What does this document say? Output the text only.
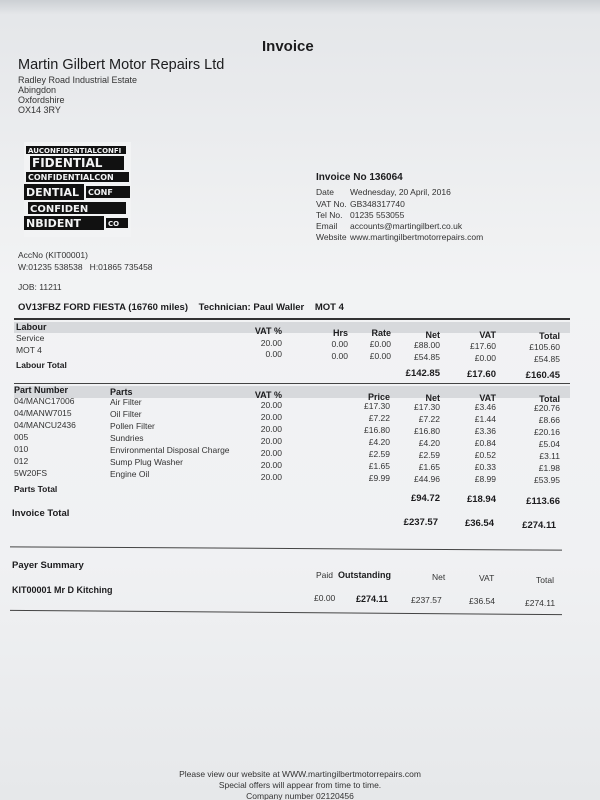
Invoice
Martin Gilbert Motor Repairs Ltd
Radley Road Industrial Estate
Abingdon
Oxfordshire
OX14 3RY
AUCONFIDENTIALCONFI
FIDENTIAL
CONFIDENTIALCON
DENTIAL CONF
CONFIDEN
NBIDENT	CO
Invoice No 136064
Date Wednesday, 20 April, 2016
VAT No. GB348317740
Tel No. 01235 553055
Email accounts@martingilbert.co.uk
Website www.martingilbertmotorrepairs.com
AccNo (KIT00001)
W:01235 538538   H:01865 735458
JOB: 11211
OV13FBZ FORD FIESTA (16760 miles) Technician: Paul Waller MOT 4
Labour	VAT %	Hrs	Rate	Net	VAT	Total
Service	20.00	0.00	£0.00	£88.00	£17.60	£105.60
MOT 4	0.00	0.00	£0.00	£54.85	£0.00	£54.85
Labour Total
£142.85	£17.60	£160.45
Part Number	Parts	VAT %	Price	Net	VAT	Total
04/MANC17006	Air Filter	20.00	£17.30	£17.30	£3.46	£20.76
04/MANW7015	Oil Filter	20.00	£7.22	£7.22	£1.44	£8.66
04/MANCU2436	Pollen Filter	20.00	£16.80	£16.80	£3.36	£20.16
005	Sundries	20.00	£4.20	£4.20	£0.84	£5.04
010	Environmental Disposal Charge	20.00	£2.59	£2.59	£0.52	£3.11
012	Sump Plug Washer	20.00	£1.65	£1.65	£0.33	£1.98
5W20FS	Engine Oil	20.00	£9.99	£44.96	£8.99	£53.95
Parts Total
£94.72	£18.94	£113.66
Invoice Total
£237.57	£36.54	£274.11
Payer Summary
Paid Outstanding	Net	VAT	Total
KIT00001 Mr D Kitching
£0.00 £274.11	£237.57	£36.54	£274.11
Please view our website at WWW.martingilbertmotorrepairs.com
Special offers will appear from time to time.
Company number 02120456
